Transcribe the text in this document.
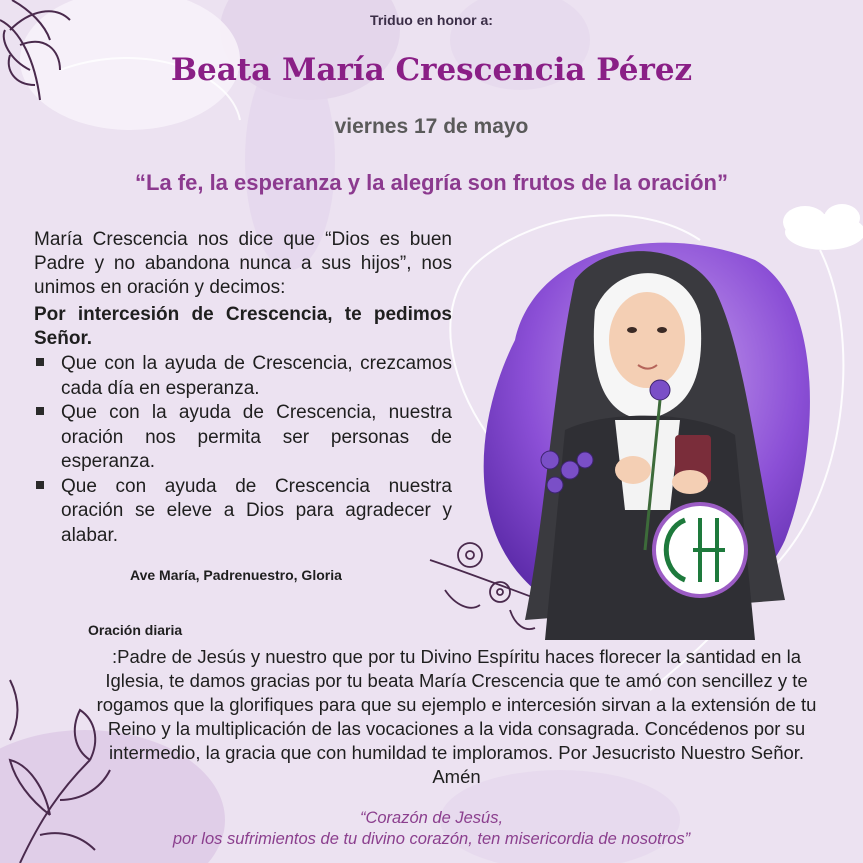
Triduo en honor a:
Beata María Crescencia Pérez
viernes 17 de mayo
“La fe, la esperanza y la alegría son frutos de la oración”
María Crescencia nos dice que “Dios es buen Padre y no abandona nunca a sus hijos”, nos unimos en oración y decimos:
Por intercesión de Crescencia, te pedimos Señor.
Que con la ayuda de Crescencia, crezcamos cada día en esperanza.
Que con la ayuda de Crescencia, nuestra oración nos permita ser personas de esperanza.
Que con ayuda de Crescencia nuestra oración se eleve a Dios para agradecer y alabar.
Ave María, Padrenuestro, Gloria
Oración diaria
:Padre de Jesús y nuestro que por tu Divino Espíritu haces florecer la santidad en la Iglesia, te damos gracias por tu beata María Crescencia que te amó con sencillez y te rogamos que la glorifiques para que su ejemplo e intercesión sirvan a la extensión de tu Reino y la multiplicación de las vocaciones a la vida consagrada. Concédenos por su intermedio, la gracia que con humildad te imploramos. Por Jesucristo Nuestro Señor. Amén
“Corazón de Jesús,
por los sufrimientos de tu divino corazón, ten misericordia de nosotros”
